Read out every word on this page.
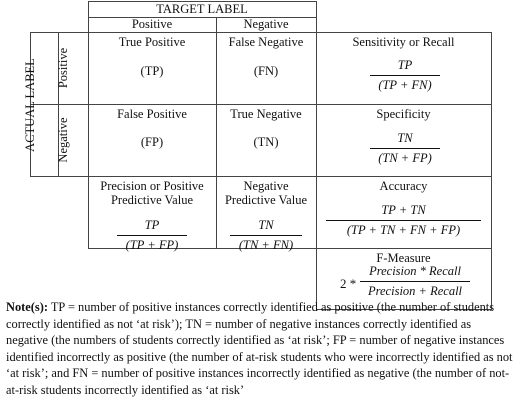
TARGET LABEL
Positive	Negative
ACTUAL LABEL Positive
Negative
True Positive
(TP)
False Negative
(FN)
False Positive
(FP)
True Negative
(TN)
Sensitivity or Recall
TP
(TP + FN)
Specificity
TN
(TN + FP)
Precision or Positive
Predictive Value
TP
(TP + FP)
Negative
Predictive Value
TN
(TN + FN)
Accuracy
TP + TN
(TP + TN + FN + FP)
F-Measure
2 *
Precision * Recall
Precision + Recall
Note(s): TP = number of positive instances correctly identified as positive (the number of students correctly identified as not ‘at risk’); TN = number of negative instances correctly identified as negative (the numbers of students correctly identified as ‘at risk’; FP = number of negative instances identified incorrectly as positive (the number of at-risk students who were incorrectly identified as not ‘at risk’; and FN = number of positive instances incorrectly identified as negative (the number of not-at-risk students incorrectly identified as ‘at risk’
